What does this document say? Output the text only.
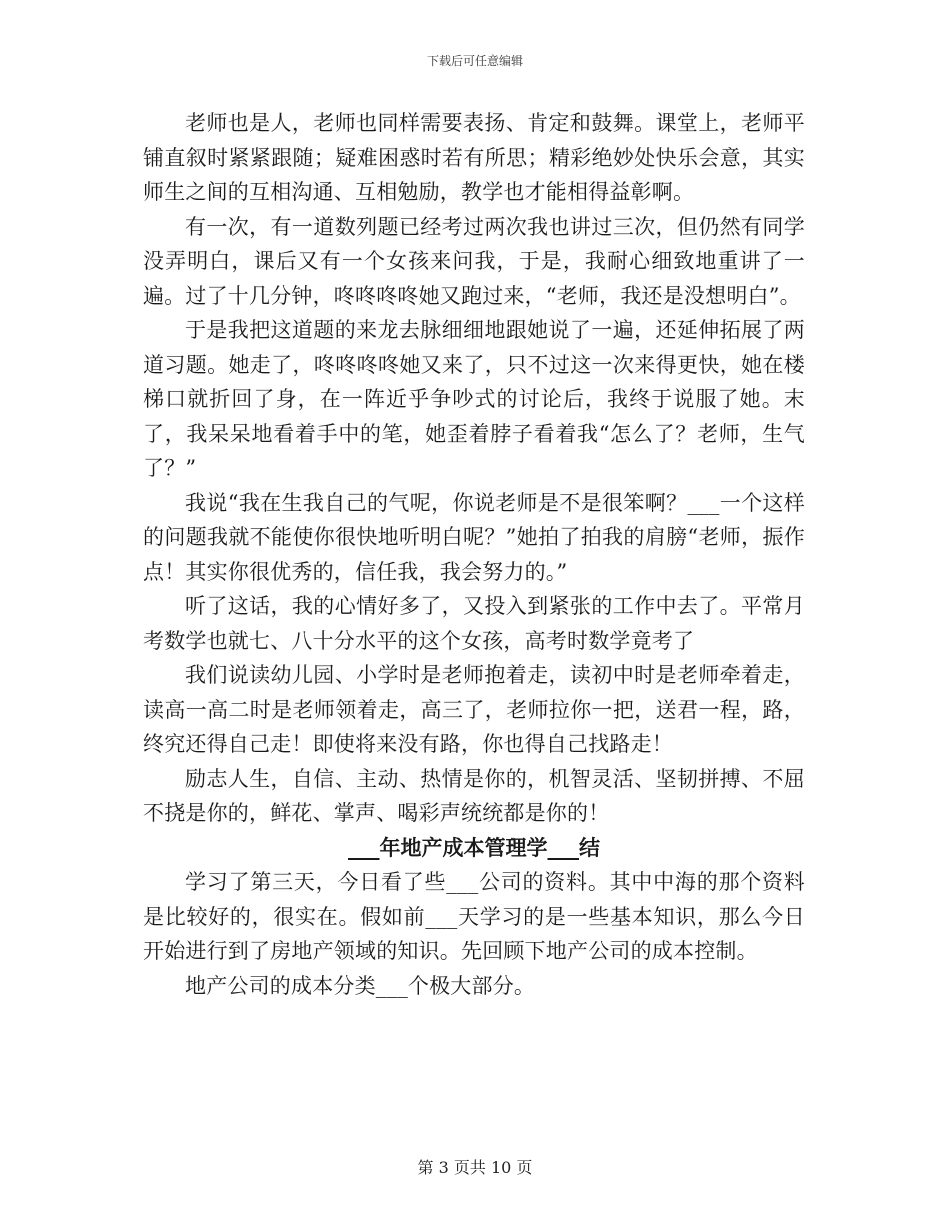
下载后可任意编辑

老师也是人，老师也同样需要表扬、肯定和鼓舞。课堂上，老师平铺直叙时紧紧跟随；疑难困惑时若有所思；精彩绝妙处快乐会意，其实师生之间的互相沟通、互相勉励，教学也才能相得益彰啊。

有一次，有一道数列题已经考过两次我也讲过三次，但仍然有同学没弄明白，课后又有一个女孩来问我，于是，我耐心细致地重讲了一遍。过了十几分钟，咚咚咚咚她又跑过来，“老师，我还是没想明白”。

于是我把这道题的来龙去脉细细地跟她说了一遍，还延伸拓展了两道习题。她走了，咚咚咚咚她又来了，只不过这一次来得更快，她在楼梯口就折回了身，在一阵近乎争吵式的讨论后，我终于说服了她。末了，我呆呆地看着手中的笔，她歪着脖子看着我“怎么了？老师，生气了？”

我说“我在生我自己的气呢，你说老师是不是很笨啊？___一个这样的问题我就不能使你很快地听明白呢？”她拍了拍我的肩膀“老师，振作点！其实你很优秀的，信任我，我会努力的。”

听了这话，我的心情好多了，又投入到紧张的工作中去了。平常月考数学也就七、八十分水平的这个女孩，高考时数学竟考了

我们说读幼儿园、小学时是老师抱着走，读初中时是老师牵着走，读高一高二时是老师领着走，高三了，老师拉你一把，送君一程，路，终究还得自己走！即使将来没有路，你也得自己找路走！

励志人生，自信、主动、热情是你的，机智灵活、坚韧拼搏、不屈不挠是你的，鲜花、掌声、喝彩声统统都是你的！

___年地产成本管理学___结

学习了第三天，今日看了些___公司的资料。其中中海的那个资料是比较好的，很实在。假如前___天学习的是一些基本知识，那么今日开始进行到了房地产领域的知识。先回顾下地产公司的成本控制。

地产公司的成本分类___个极大部分。

第 3 页共 10 页
